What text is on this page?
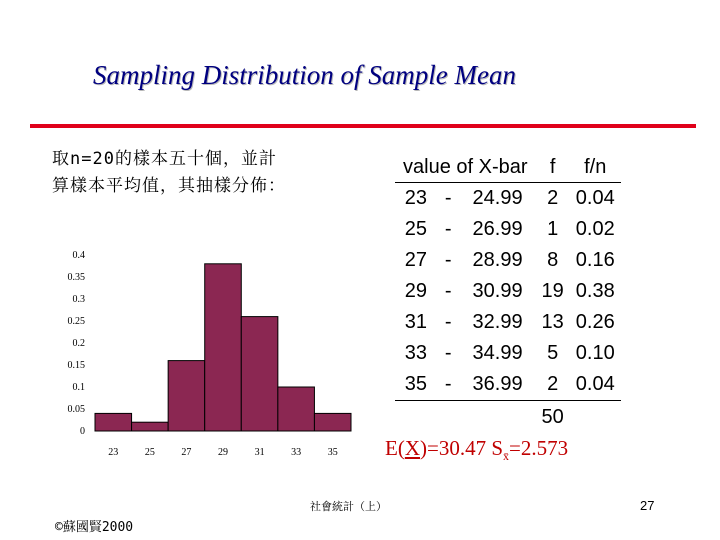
Sampling Distribution of Sample Mean
取n=20的樣本五十個，並計
算樣本平均值，其抽樣分佈：
0
0.05
0.1
0.15
0.2
0.25
0.3
0.35
0.4
23	25	27	29	31	33	35
value of X-bar			f	f/n
23	-	24.99	2	0.04
25	-	26.99	1	0.02
27	-	28.99	8	0.16
29	-	30.99	19	0.38
31	-	32.99	13	0.26
33	-	34.99	5	0.10
35	-	36.99	2	0.04
			50	
E(X)=30.47 $S_{x̄}=2.573$
社會統計（上）	27
©蘇國賢2000
